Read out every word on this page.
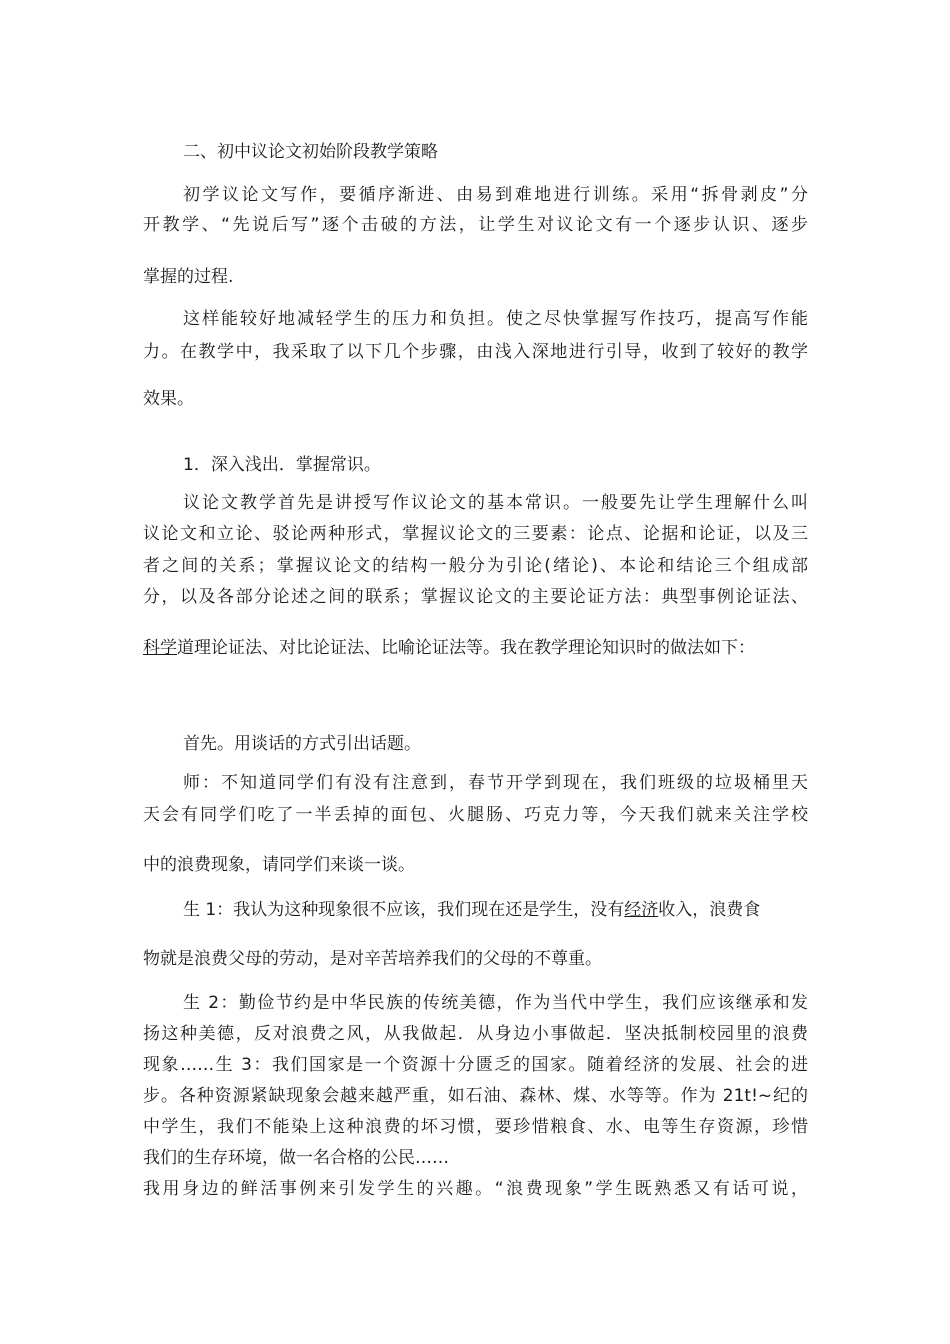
二、初中议论文初始阶段教学策略
初学议论文写作，要循序渐进、由易到难地进行训练。采用“拆骨剥皮”分
开教学、“先说后写”逐个击破的方法，让学生对议论文有一个逐步认识、逐步
掌握的过程.
这样能较好地减轻学生的压力和负担。使之尽快掌握写作技巧，提高写作能
力。在教学中，我采取了以下几个步骤，由浅入深地进行引导，收到了较好的教学
效果。
1．深入浅出．掌握常识。
议论文教学首先是讲授写作议论文的基本常识。一般要先让学生理解什么叫
议论文和立论、驳论两种形式，掌握议论文的三要素：论点、论据和论证，以及三
者之间的关系；掌握议论文的结构一般分为引论(绪论)、本论和结论三个组成部
分，以及各部分论述之间的联系；掌握议论文的主要论证方法：典型事例论证法、
科学道理论证法、对比论证法、比喻论证法等。我在教学理论知识时的做法如下：
首先。用谈话的方式引出话题。
师：不知道同学们有没有注意到，春节开学到现在，我们班级的垃圾桶里天
天会有同学们吃了一半丢掉的面包、火腿肠、巧克力等，今天我们就来关注学校
中的浪费现象，请同学们来谈一谈。
生 1：我认为这种现象很不应该，我们现在还是学生，没有经济收入，浪费食
物就是浪费父母的劳动，是对辛苦培养我们的父母的不尊重。
生 2：勤俭节约是中华民族的传统美德，作为当代中学生，我们应该继承和发
扬这种美德，反对浪费之风，从我做起．从身边小事做起．坚决抵制校园里的浪费
现象……生 3：我们国家是一个资源十分匮乏的国家。随着经济的发展、社会的进
步。各种资源紧缺现象会越来越严重，如石油、森林、煤、水等等。作为 21t!~纪的
中学生，我们不能染上这种浪费的坏习惯，要珍惜粮食、水、电等生存资源，珍惜
我们的生存环境，做一名合格的公民……
我用身边的鲜活事例来引发学生的兴趣。“浪费现象”学生既熟悉又有话可说，
